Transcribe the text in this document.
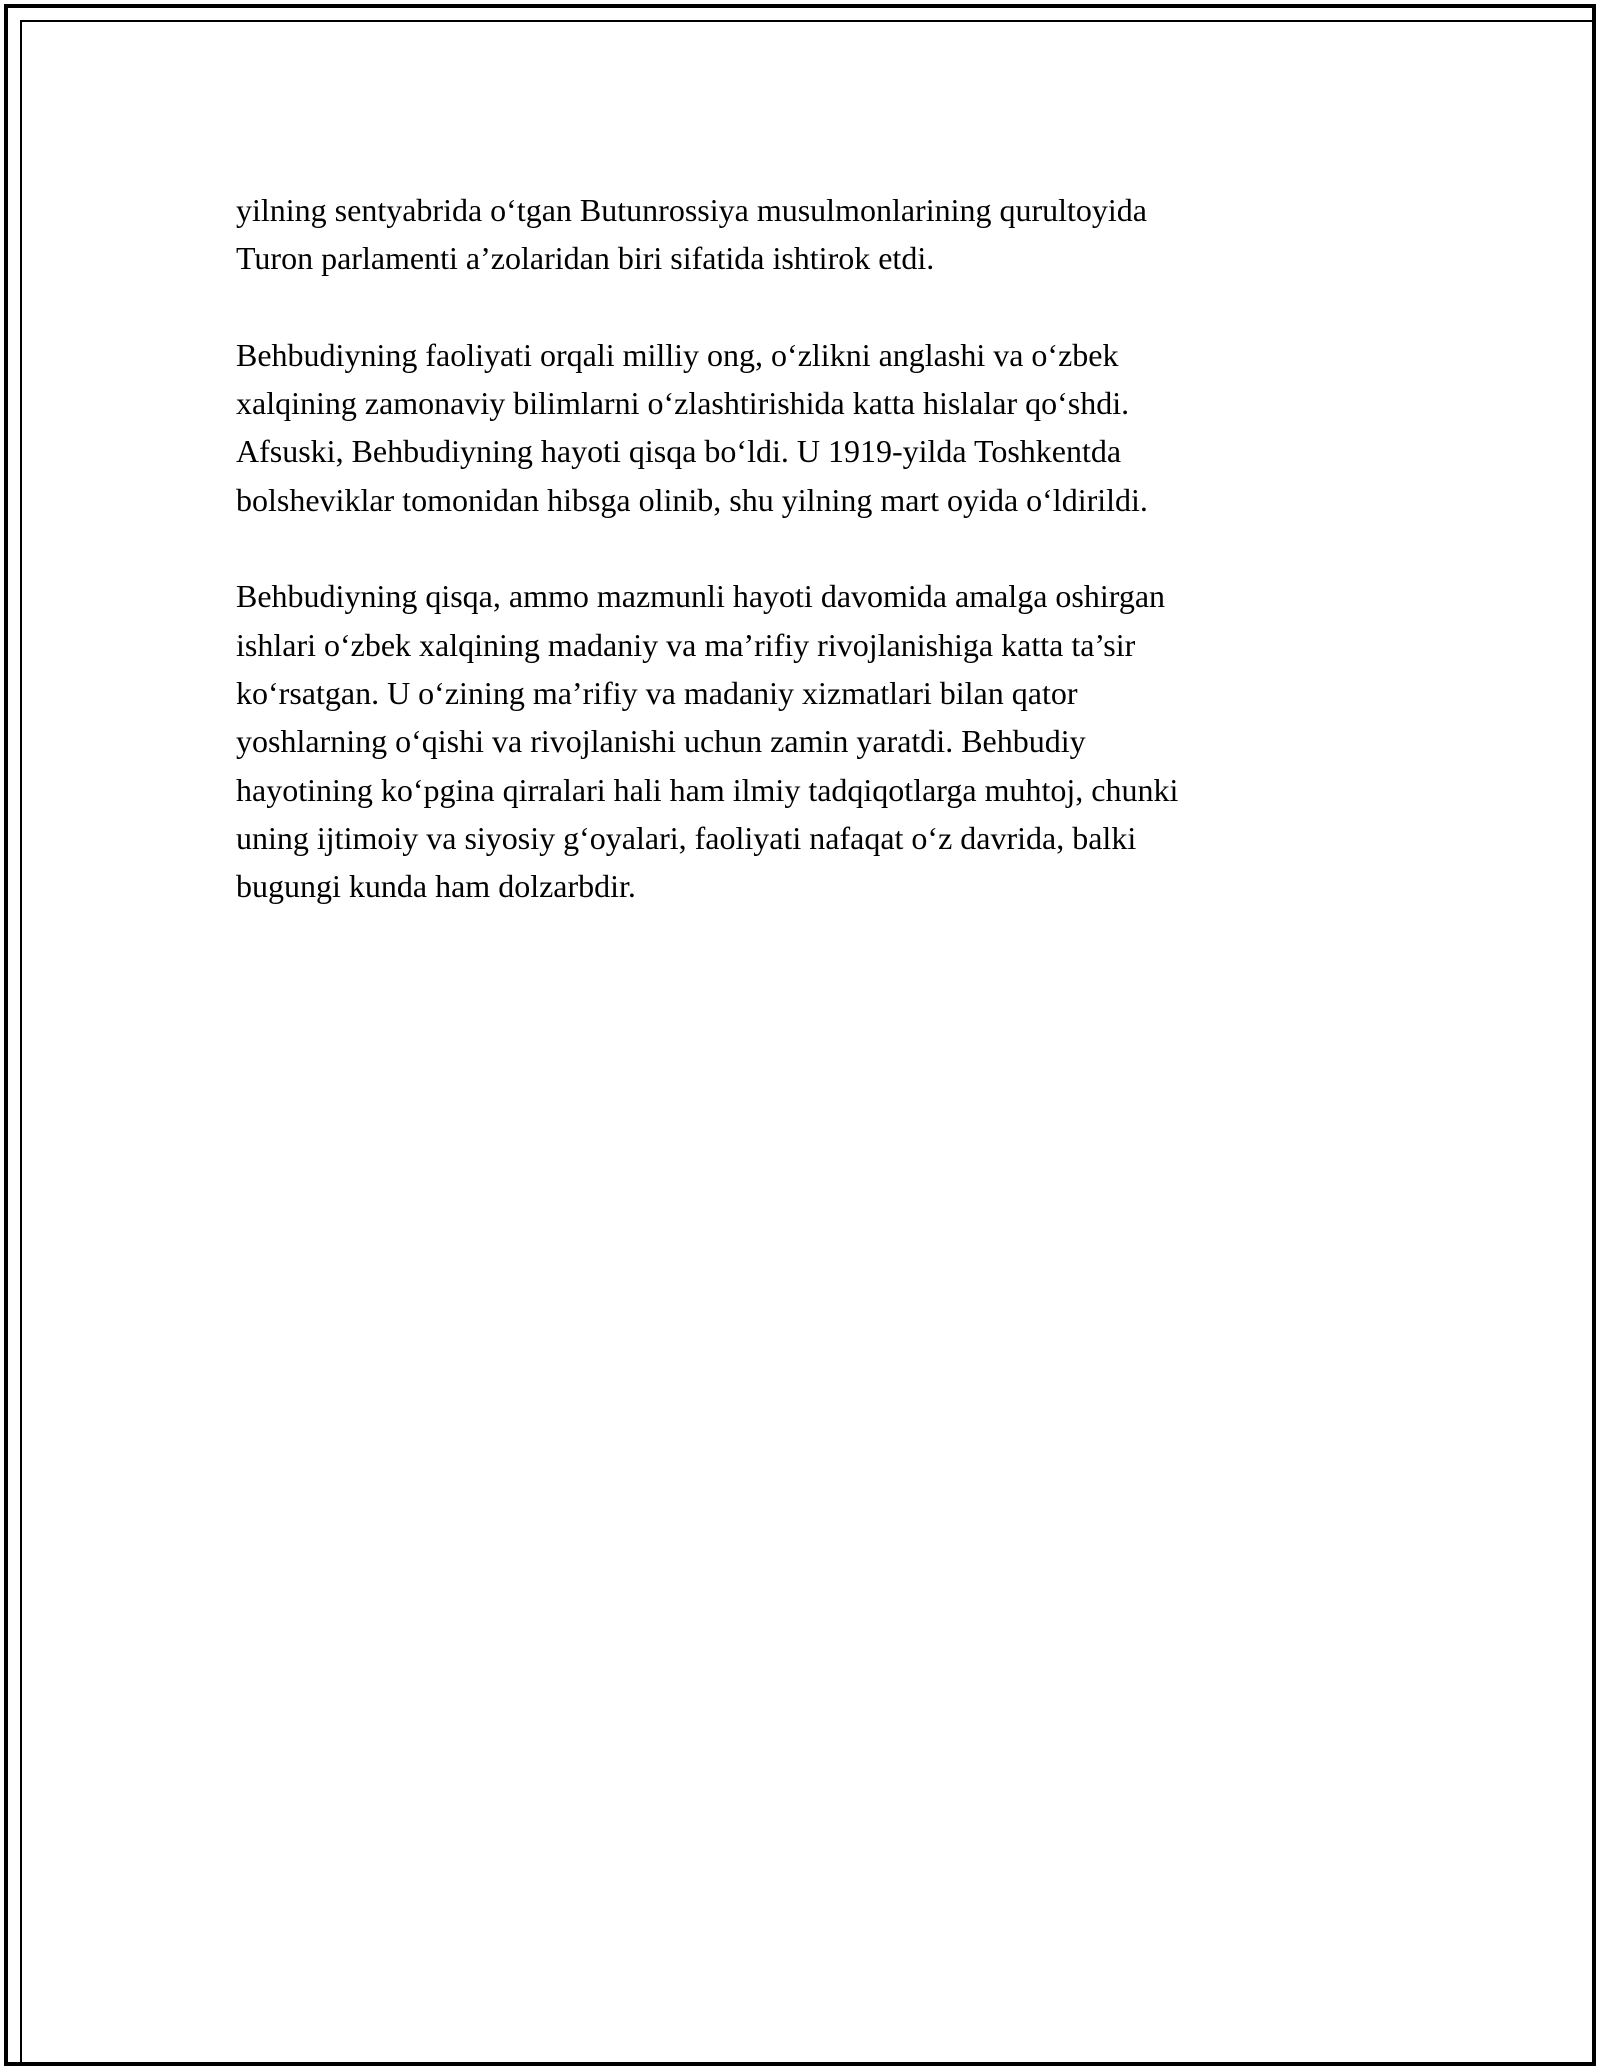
yilning sentyabrida o‘tgan Butunrossiya musulmonlarining qurultoyida
Turon parlamenti a’zolaridan biri sifatida ishtirok etdi.

Behbudiyning faoliyati orqali milliy ong, o‘zlikni anglashi va o‘zbek
xalqining zamonaviy bilimlarni o‘zlashtirishida katta hislalar qo‘shdi.
Afsuski, Behbudiyning hayoti qisqa bo‘ldi. U 1919-yilda Toshkentda
bolsheviklar tomonidan hibsga olinib, shu yilning mart oyida o‘ldirildi.

Behbudiyning qisqa, ammo mazmunli hayoti davomida amalga oshirgan
ishlari o‘zbek xalqining madaniy va ma’rifiy rivojlanishiga katta ta’sir
ko‘rsatgan. U o‘zining ma’rifiy va madaniy xizmatlari bilan qator
yoshlarning o‘qishi va rivojlanishi uchun zamin yaratdi. Behbudiy
hayotining ko‘pgina qirralari hali ham ilmiy tadqiqotlarga muhtoj, chunki
uning ijtimoiy va siyosiy g‘oyalari, faoliyati nafaqat o‘z davrida, balki
bugungi kunda ham dolzarbdir.
